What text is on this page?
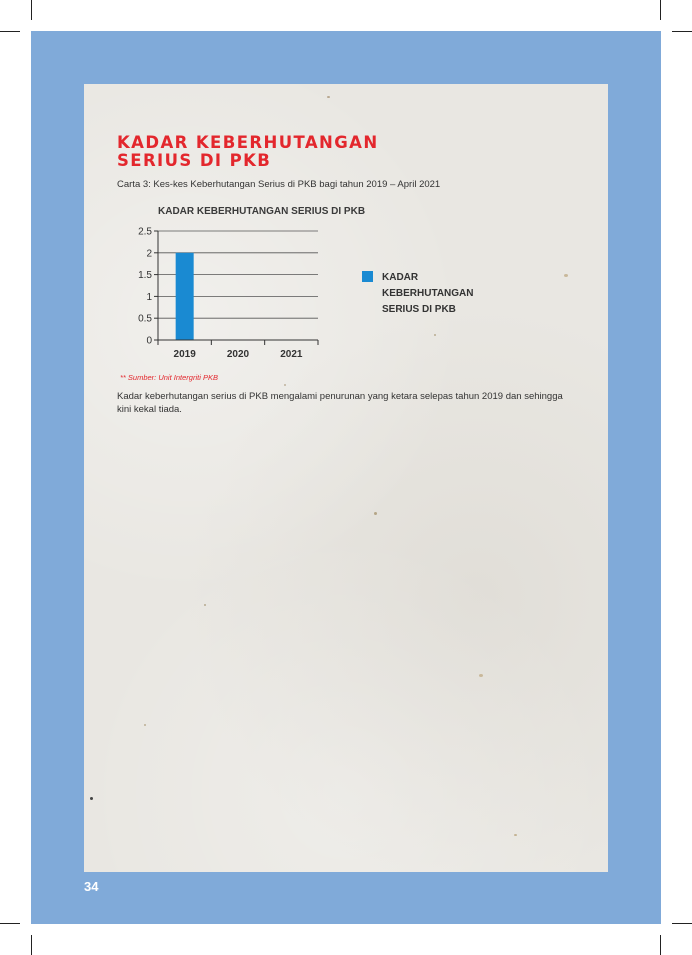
KADAR KEBERHUTANGAN
SERIUS DI PKB

Carta 3: Kes-kes Keberhutangan Serius di PKB bagi tahun 2019 – April 2021

KADAR KEBERHUTANGAN SERIUS DI PKB
0
0.5
1
1.5
2
2.5
2019	2020	2021
KADAR
KEBERHUTANGAN
SERIUS DI PKB

** Sumber: Unit Intergriti PKB

Kadar keberhutangan serius di PKB mengalami penurunan yang ketara selepas tahun 2019 dan sehingga kini kekal tiada.

34
